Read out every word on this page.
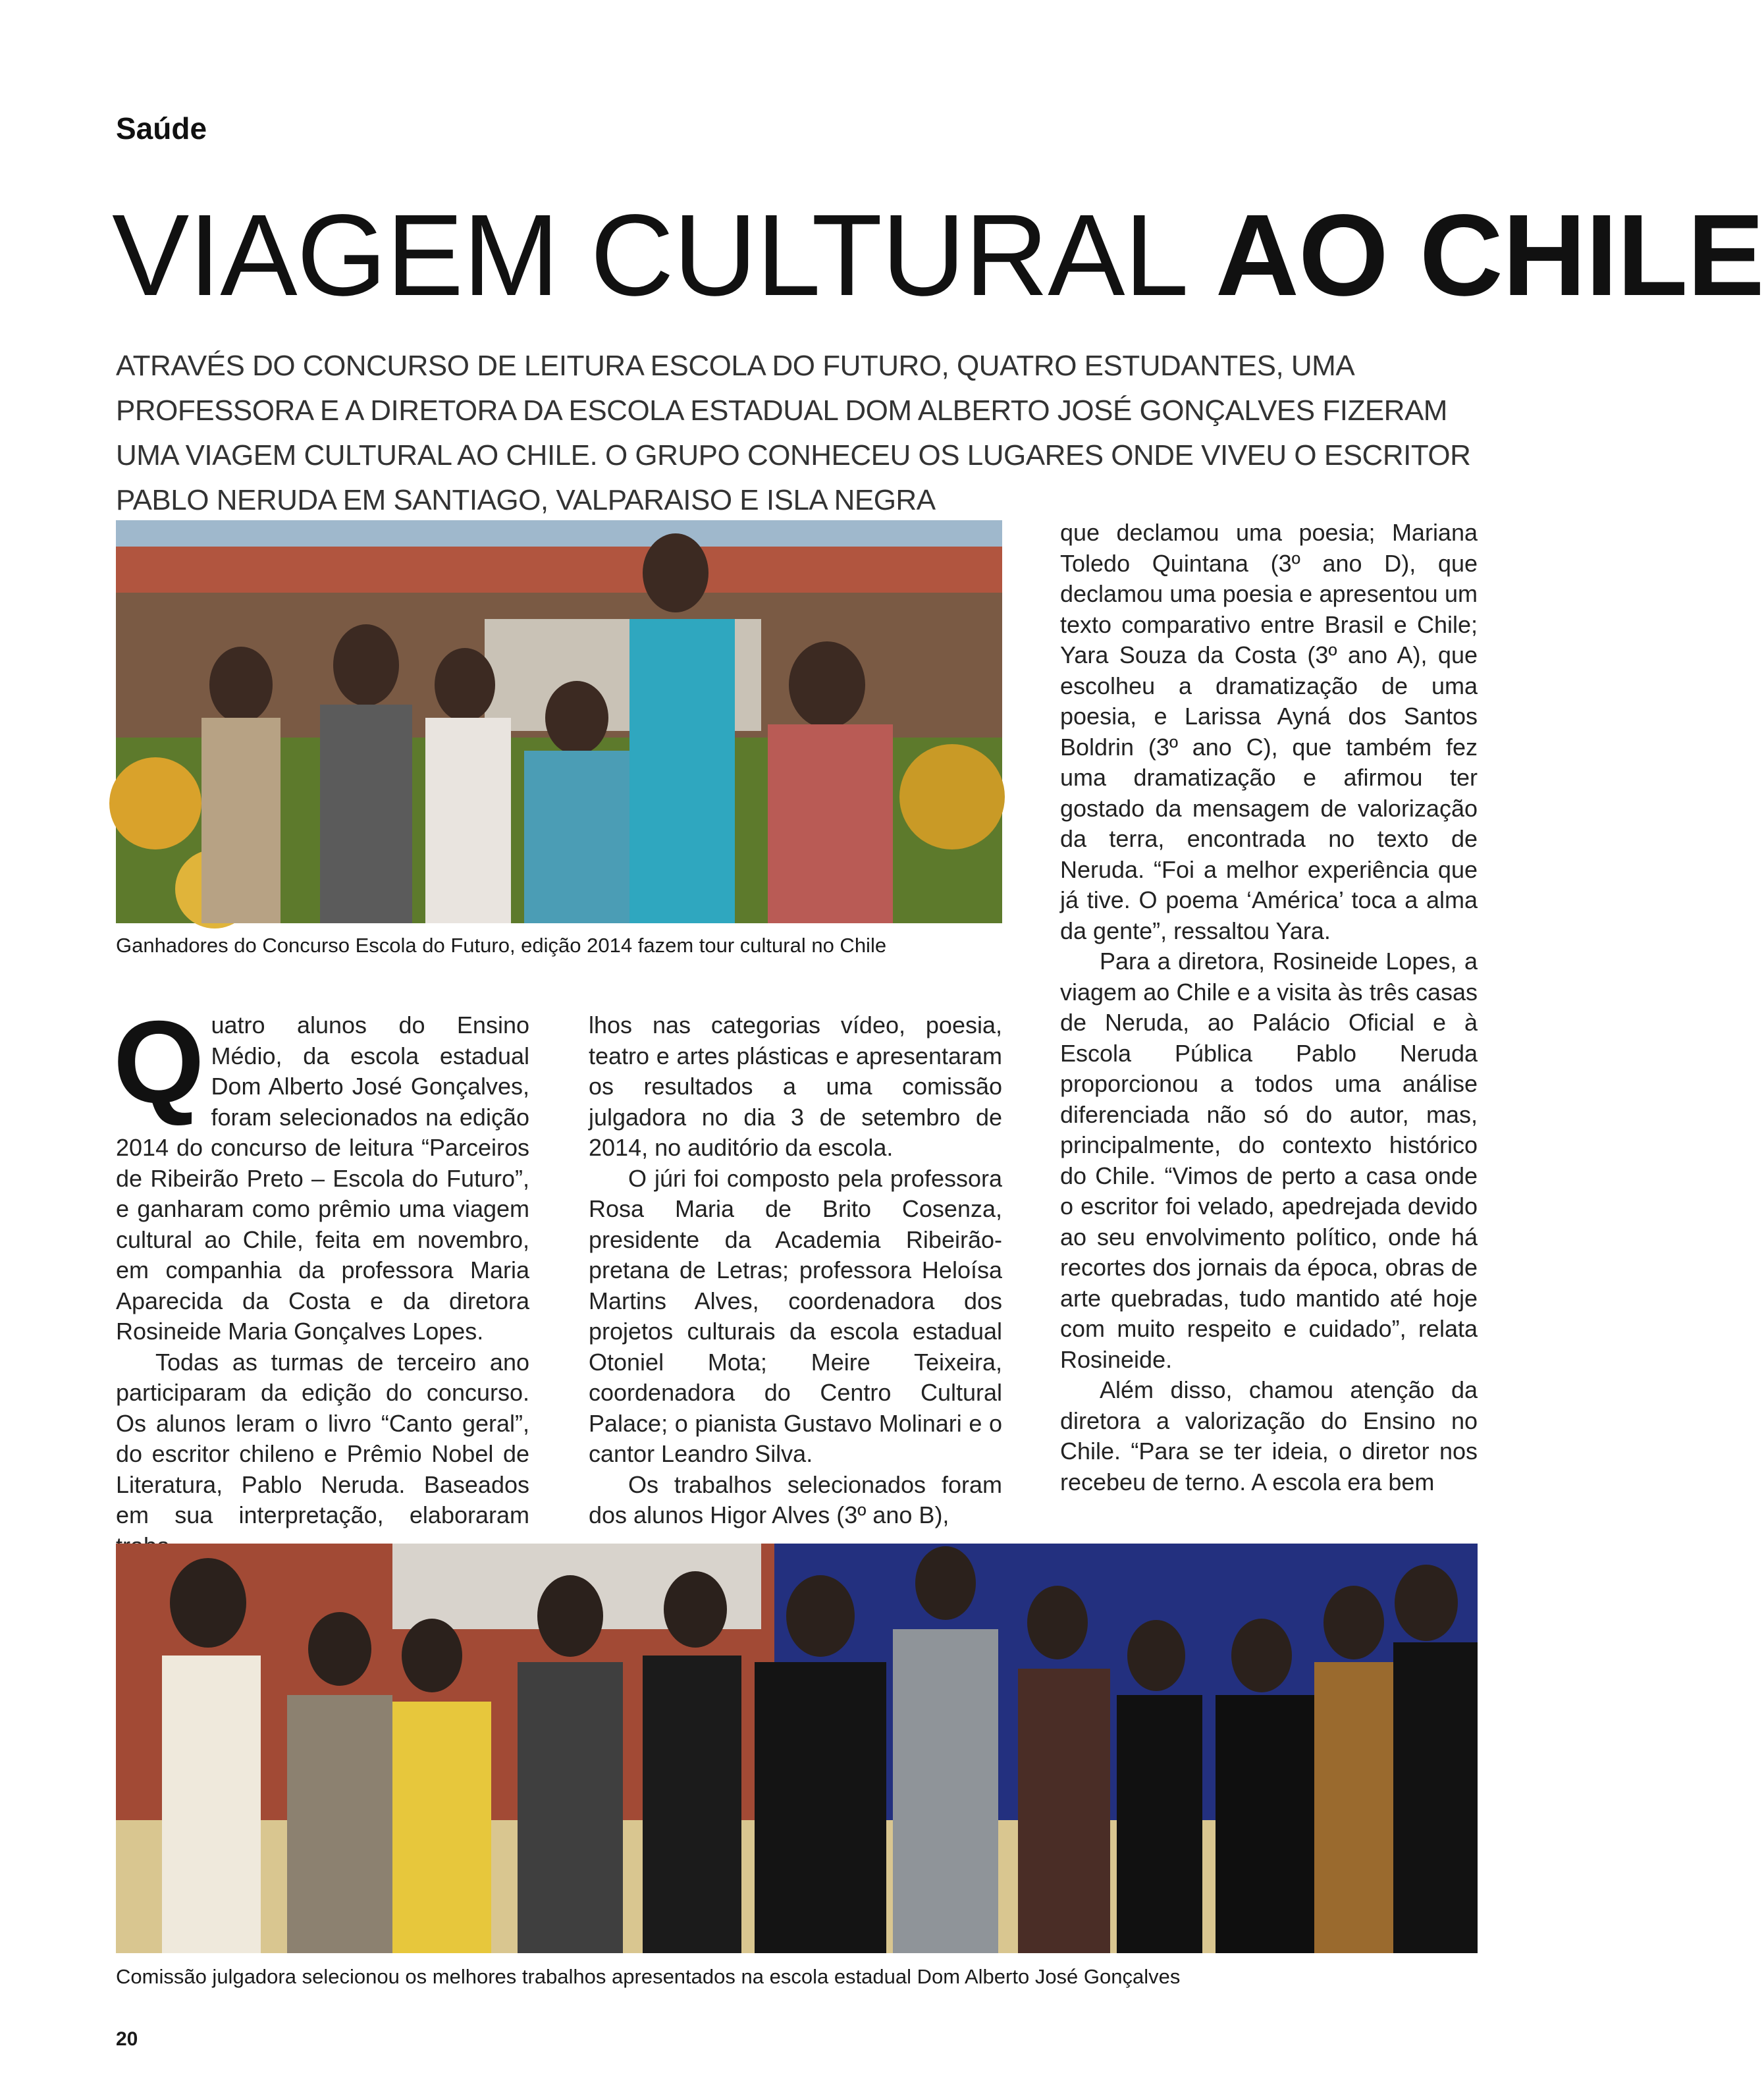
Saúde
VIAGEM CULTURAL AO CHILE
ATRAVÉS DO CONCURSO DE LEITURA ESCOLA DO FUTURO, QUATRO ESTUDANTES, UMA PROFESSORA E A DIRETORA DA ESCOLA ESTADUAL DOM ALBERTO JOSÉ GONÇALVES FIZERAM UMA VIAGEM CULTURAL AO CHILE. O GRUPO CONHECEU OS LUGARES ONDE VIVEU O ESCRITOR PABLO NERUDA EM SANTIAGO, VALPARAISO E ISLA NEGRA
Ganhadores do Concurso Escola do Futuro, edição 2014 fazem tour cultural no Chile

Quatro alunos do Ensino Médio, da escola estadual Dom Alberto José Gonçalves, foram selecionados na edição 2014 do concurso de leitura “Parceiros de Ribeirão Preto – Escola do Futuro”, e ganharam como prêmio uma viagem cultural ao Chile, feita em novembro, em companhia da professora Maria Aparecida da Costa e da diretora Rosineide Maria Gonçalves Lopes.

Todas as turmas de terceiro ano participaram da edição do concurso. Os alunos leram o livro “Canto geral”, do escritor chileno e Prêmio Nobel de Literatura, Pablo Neruda. Baseados em sua interpretação, elaboraram

lhos nas categorias vídeo, poesia, teatro e artes plásticas e apresentaram os resultados a uma comissão julgadora no dia 3 de setembro de 2014, no auditório da escola.

O júri foi composto pela professora Rosa Maria de Brito Cosenza, presidente da Academia Ribeirão-pretana de Letras; professora Heloísa Martins Alves, coordenadora dos projetos culturais da escola estadual Otoniel Mota; Meire Teixeira, coordenadora do Centro Cultural Palace; o pianista Gustavo Molinari e o cantor Leandro Silva.

Os trabalhos selecionados foram dos alunos Higor Alves (3º ano B),

que declamou uma poesia; Mariana Toledo Quintana (3º ano D), que declamou uma poesia e apresentou um texto comparativo entre Brasil e Chile; Yara Souza da Costa (3º ano A), que escolheu a dramatização de uma poesia, e Larissa Ayná dos Santos Boldrin (3º ano C), que também fez uma dramatização e afirmou ter gostado da mensagem de valorização da terra, encontrada no texto de Neruda. “Foi a melhor experiência que já tive. O poema ‘América’ toca a alma da gente”, ressaltou Yara.

Para a diretora, Rosineide Lopes, a viagem ao Chile e a visita às três casas de Neruda, ao Palácio Oficial e à Escola Pública Pablo Neruda proporcionou a todos uma análise diferenciada não só do autor, mas, principalmente, do contexto histórico do Chile. “Vimos de perto a casa onde o escritor foi velado, apedrejada devido ao seu envolvimento político, onde há recortes dos jornais da época, obras de arte quebradas, tudo mantido até hoje com muito respeito e cuidado”, relata Rosineide.

Além disso, chamou atenção da diretora a valorização do Ensino no Chile. “Para se ter ideia, o diretor nos recebeu de terno. A escola era bem

Comissão julgadora selecionou os melhores trabalhos apresentados na escola estadual Dom Alberto José Gonçalves
20
